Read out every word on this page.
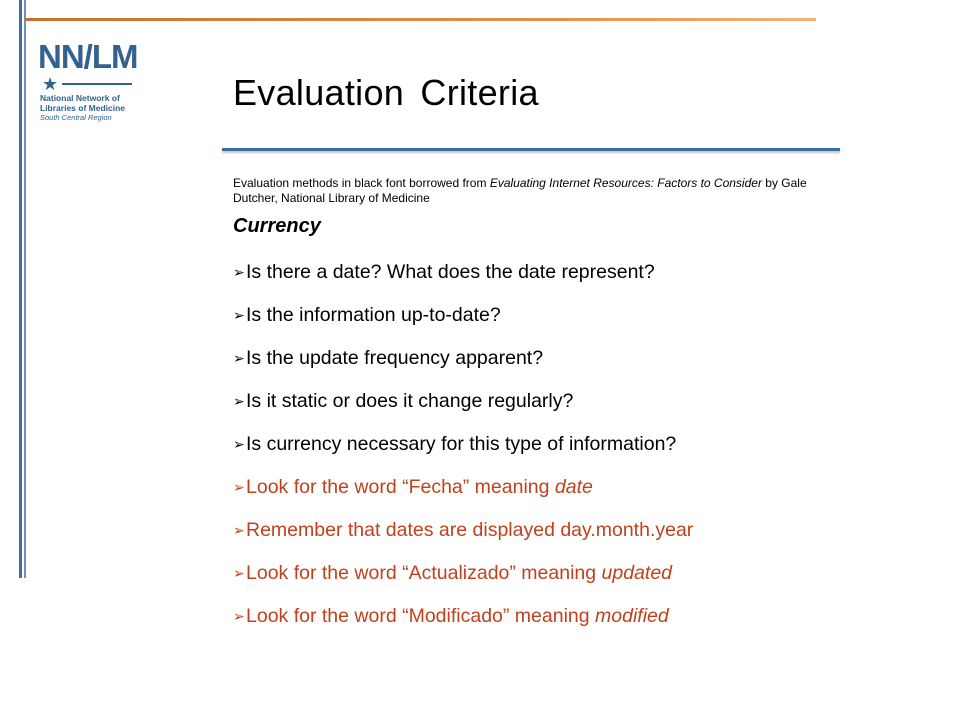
NN/LM
★
National Network of
Libraries of Medicine
South Central Region
Evaluation Criteria
Evaluation methods in black font borrowed from Evaluating Internet Resources: Factors to Consider by Gale Dutcher, National Library of Medicine
Currency
➢ Is there a date? What does the date represent?
➢ Is the information up-to-date?
➢ Is the update frequency apparent?
➢ Is it static or does it change regularly?
➢ Is currency necessary for this type of information?
➢ Look for the word “Fecha” meaning date
➢ Remember that dates are displayed day.month.year
➢ Look for the word “Actualizado” meaning updated
➢ Look for the word “Modificado” meaning modified
